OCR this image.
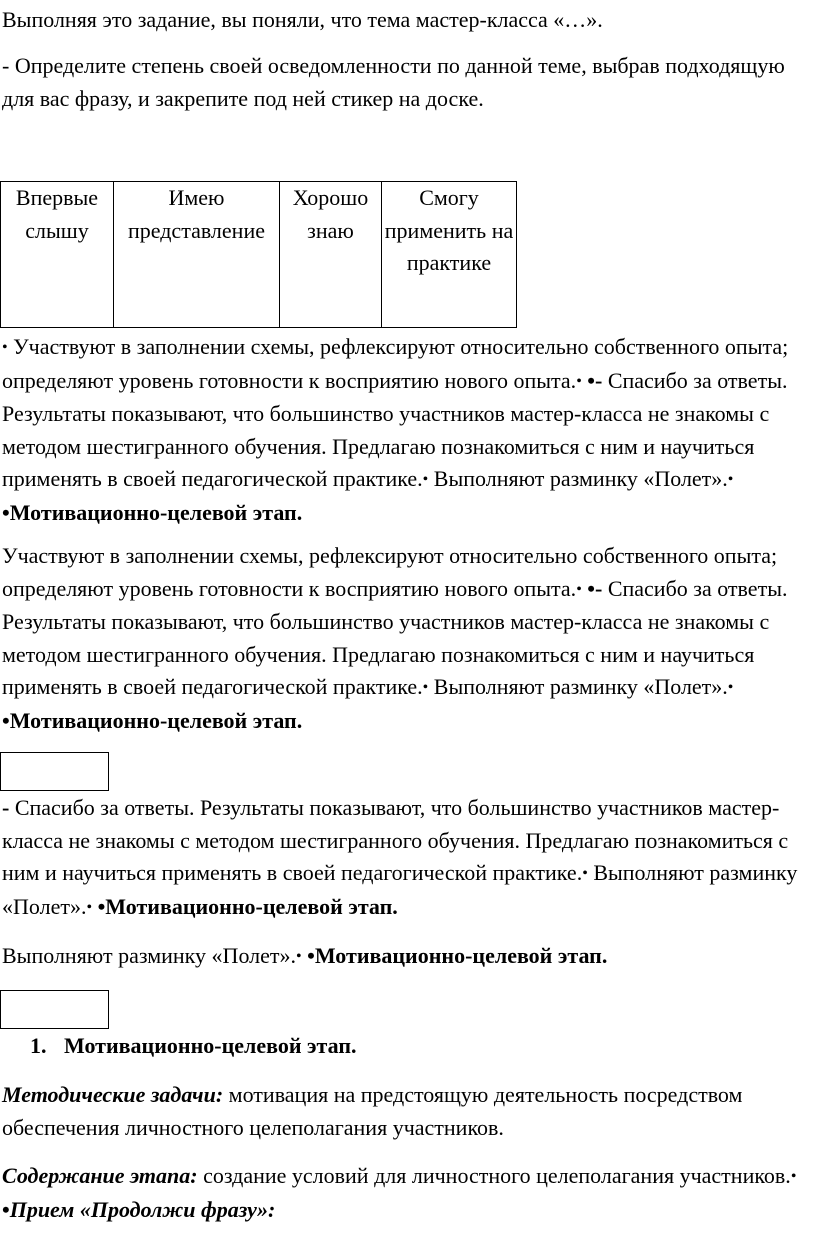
Выполняя это задание, вы поняли, что тема мастер-класса «…».

- Определите степень своей осведомленности по данной теме, выбрав подходящую для вас фразу, и закрепите под ней стикер на доске.

Впервые слышу	Имею представление	Хорошо знаю	Смогу применить на практике

• Участвуют в заполнении схемы, рефлексируют относительно собственного опыта; определяют уровень готовности к восприятию нового опыта.• •- Спасибо за ответы. Результаты показывают, что большинство участников мастер-класса не знакомы с методом шестигранного обучения. Предлагаю познакомиться с ним и научиться применять в своей педагогической практике.• Выполняют разминку «Полет».• •Мотивационно-целевой этап.

Участвуют в заполнении схемы, рефлексируют относительно собственного опыта; определяют уровень готовности к восприятию нового опыта.• •- Спасибо за ответы. Результаты показывают, что большинство участников мастер-класса не знакомы с методом шестигранного обучения. Предлагаю познакомиться с ним и научиться применять в своей педагогической практике.• Выполняют разминку «Полет».• •Мотивационно-целевой этап.

- Спасибо за ответы. Результаты показывают, что большинство участников мастер-класса не знакомы с методом шестигранного обучения. Предлагаю познакомиться с ним и научиться применять в своей педагогической практике.• Выполняют разминку «Полет».• •Мотивационно-целевой этап.

Выполняют разминку «Полет».• •Мотивационно-целевой этап.

1. Мотивационно-целевой этап.

Методические задачи: мотивация на предстоящую деятельность посредством обеспечения личностного целеполагания участников.

Содержание этапа: создание условий для личностного целеполагания участников.• •Прием «Продолжи фразу»:
